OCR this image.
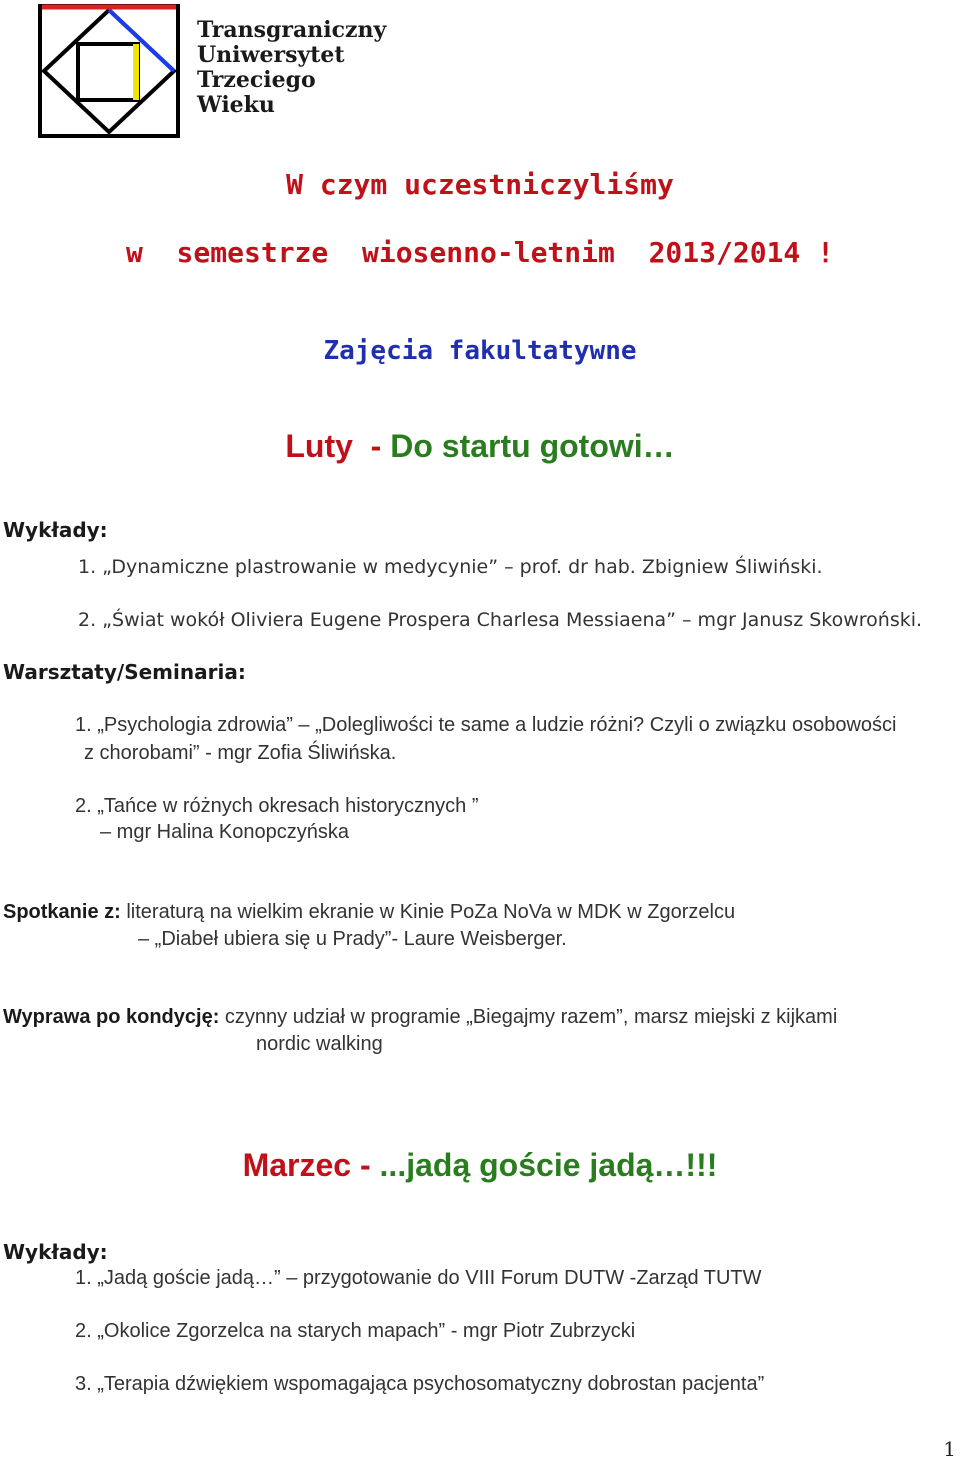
Transgraniczny
Uniwersytet
Trzeciego
Wieku
W czym uczestniczyliśmy
w  semestrze  wiosenno-letnim  2013/2014 !
Zajęcia fakultatywne
Luty  - Do startu gotowi…
Wykłady:
1. „Dynamiczne plastrowanie w medycynie” – prof. dr hab. Zbigniew Śliwiński.
2. „Świat wokół Oliviera Eugene Prospera Charlesa Messiaena” – mgr Janusz Skowroński.
Warsztaty/Seminaria:
1. „Psychologia zdrowia” – „Dolegliwości te same a ludzie różni? Czyli o związku osobowości
z chorobami” - mgr Zofia Śliwińska.
2. „Tańce w różnych okresach historycznych ”
– mgr Halina Konopczyńska
Spotkanie z: literaturą na wielkim ekranie w Kinie PoZa NoVa w MDK w Zgorzelcu
– „Diabeł ubiera się u Prady”- Laure Weisberger.
Wyprawa po kondycję: czynny udział w programie „Biegajmy razem”, marsz miejski z kijkami
nordic walking
Marzec - ...jadą goście jadą…!!!
Wykłady:
1. „Jadą goście jadą…” – przygotowanie do VIII Forum DUTW -Zarząd TUTW
2. „Okolice Zgorzelca na starych mapach” - mgr Piotr Zubrzycki
3. „Terapia dźwiękiem wspomagająca psychosomatyczny dobrostan pacjenta”
1
